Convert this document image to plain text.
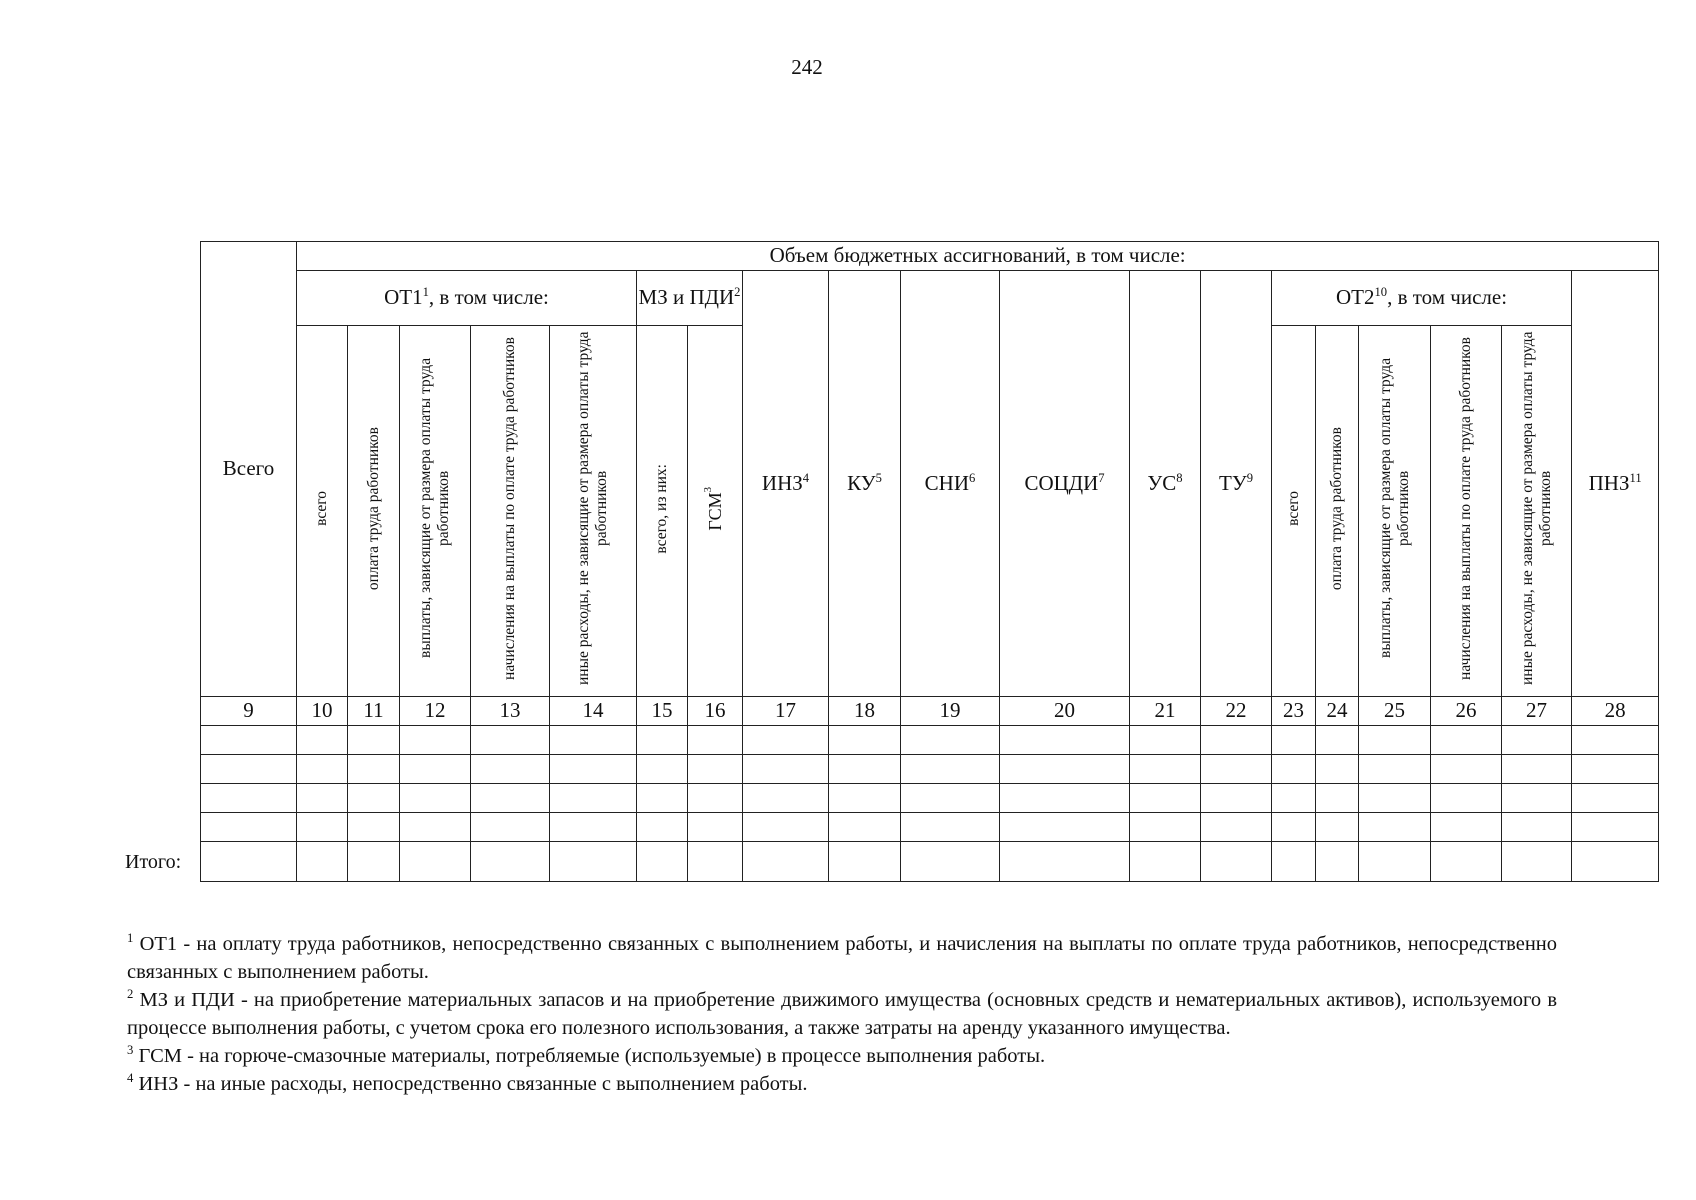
242
Всего	Объем бюджетных ассигнований, в том числе:																		
	$ОТ1^1$, в том числе:					МЗ и ПДИ$^2$		ИНЗ$^4$	$КУ^5$	СНИ$^6$	СОЦДИ$^7$	$УС^8$	$ТУ^9$	$ОТ2^{10}$, в том числе:					ПНЗ$^{11}$
	всего	оплата труда работников	выплаты, зависящие от размера оплаты труда работников	начисления на выплаты по оплате труда работников	иные расходы, не зависящие от размера оплаты труда работников	всего, из них:	ГСМ$^3$							всего	оплата труда работников	выплаты, зависящие от размера оплаты труда работников	начисления на выплаты по оплате труда работников	иные расходы, не зависящие от размера оплаты труда работников	
9	10	11	12	13	14	15	16	17	18	19	20	21	22	23	24	25	26	27	28

Итого:

$^1$ ОТ1 - на оплату труда работников, непосредственно связанных с выполнением работы, и начисления на выплаты по оплате труда работников, непосредственно связанных с выполнением работы.

$^2$ МЗ и ПДИ - на приобретение материальных запасов и на приобретение движимого имущества (основных средств и нематериальных активов), используемого в процессе выполнения работы, с учетом срока его полезного использования, а также затраты на аренду указанного имущества.

$^3$ ГСМ - на горюче-смазочные материалы, потребляемые (используемые) в процессе выполнения работы.

$^4$ ИНЗ - на иные расходы, непосредственно связанные с выполнением работы.
